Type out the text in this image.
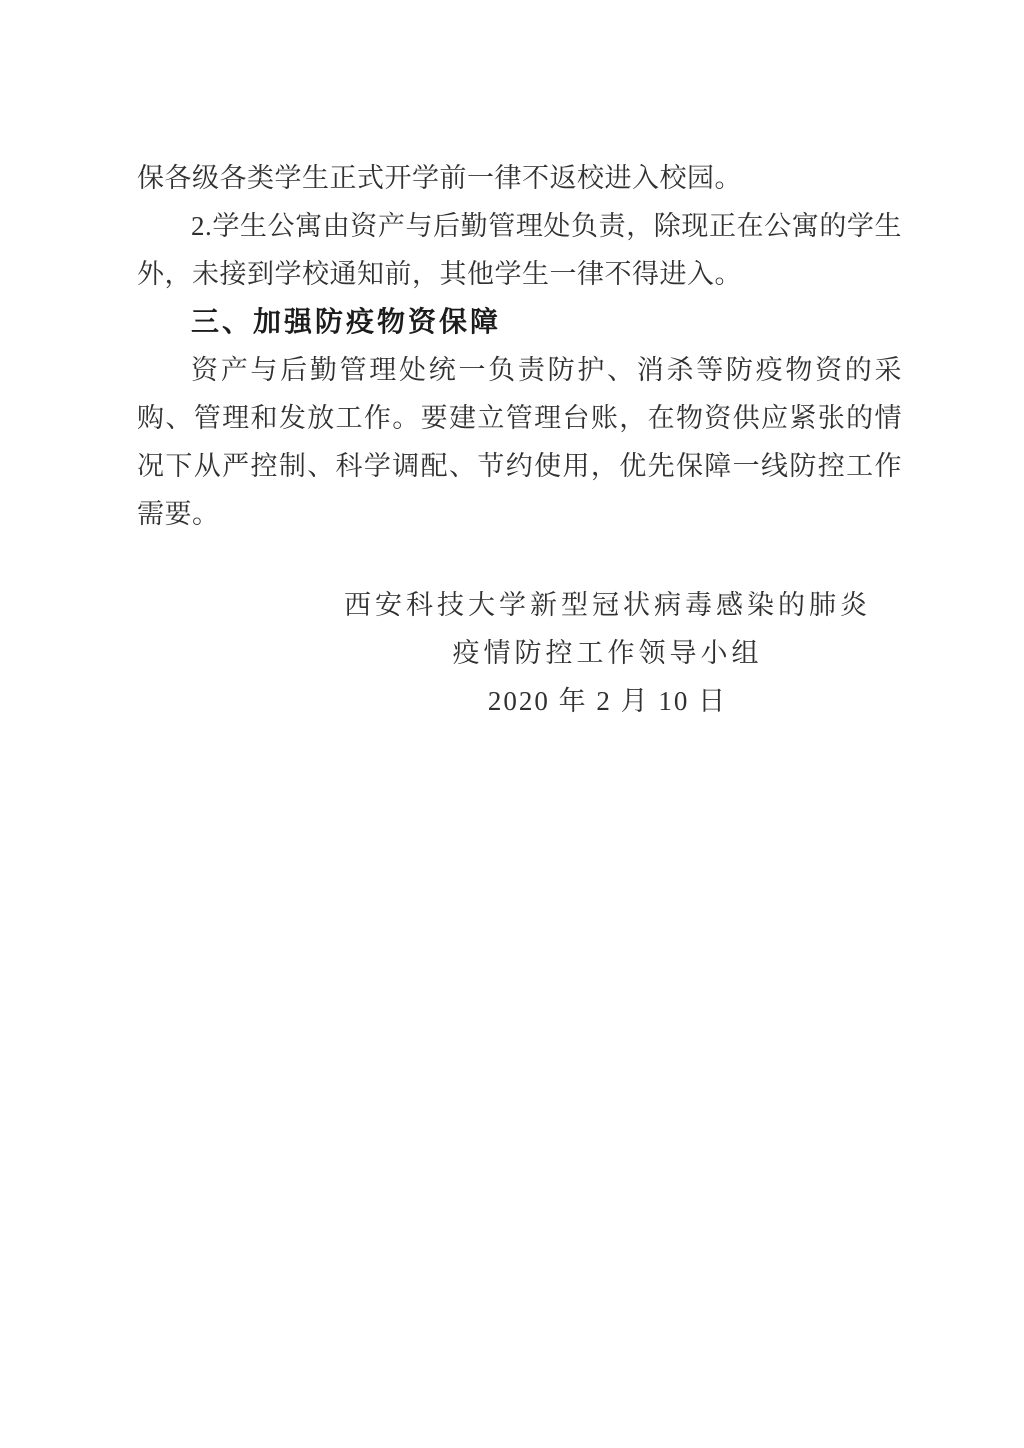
保各级各类学生正式开学前一律不返校进入校园。

2.学生公寓由资产与后勤管理处负责，除现正在公寓的学生外，未接到学校通知前，其他学生一律不得进入。

三、加强防疫物资保障

资产与后勤管理处统一负责防护、消杀等防疫物资的采购、管理和发放工作。要建立管理台账，在物资供应紧张的情况下从严控制、科学调配、节约使用，优先保障一线防控工作需要。

西安科技大学新型冠状病毒感染的肺炎
疫情防控工作领导小组
2020 年 2 月 10 日
